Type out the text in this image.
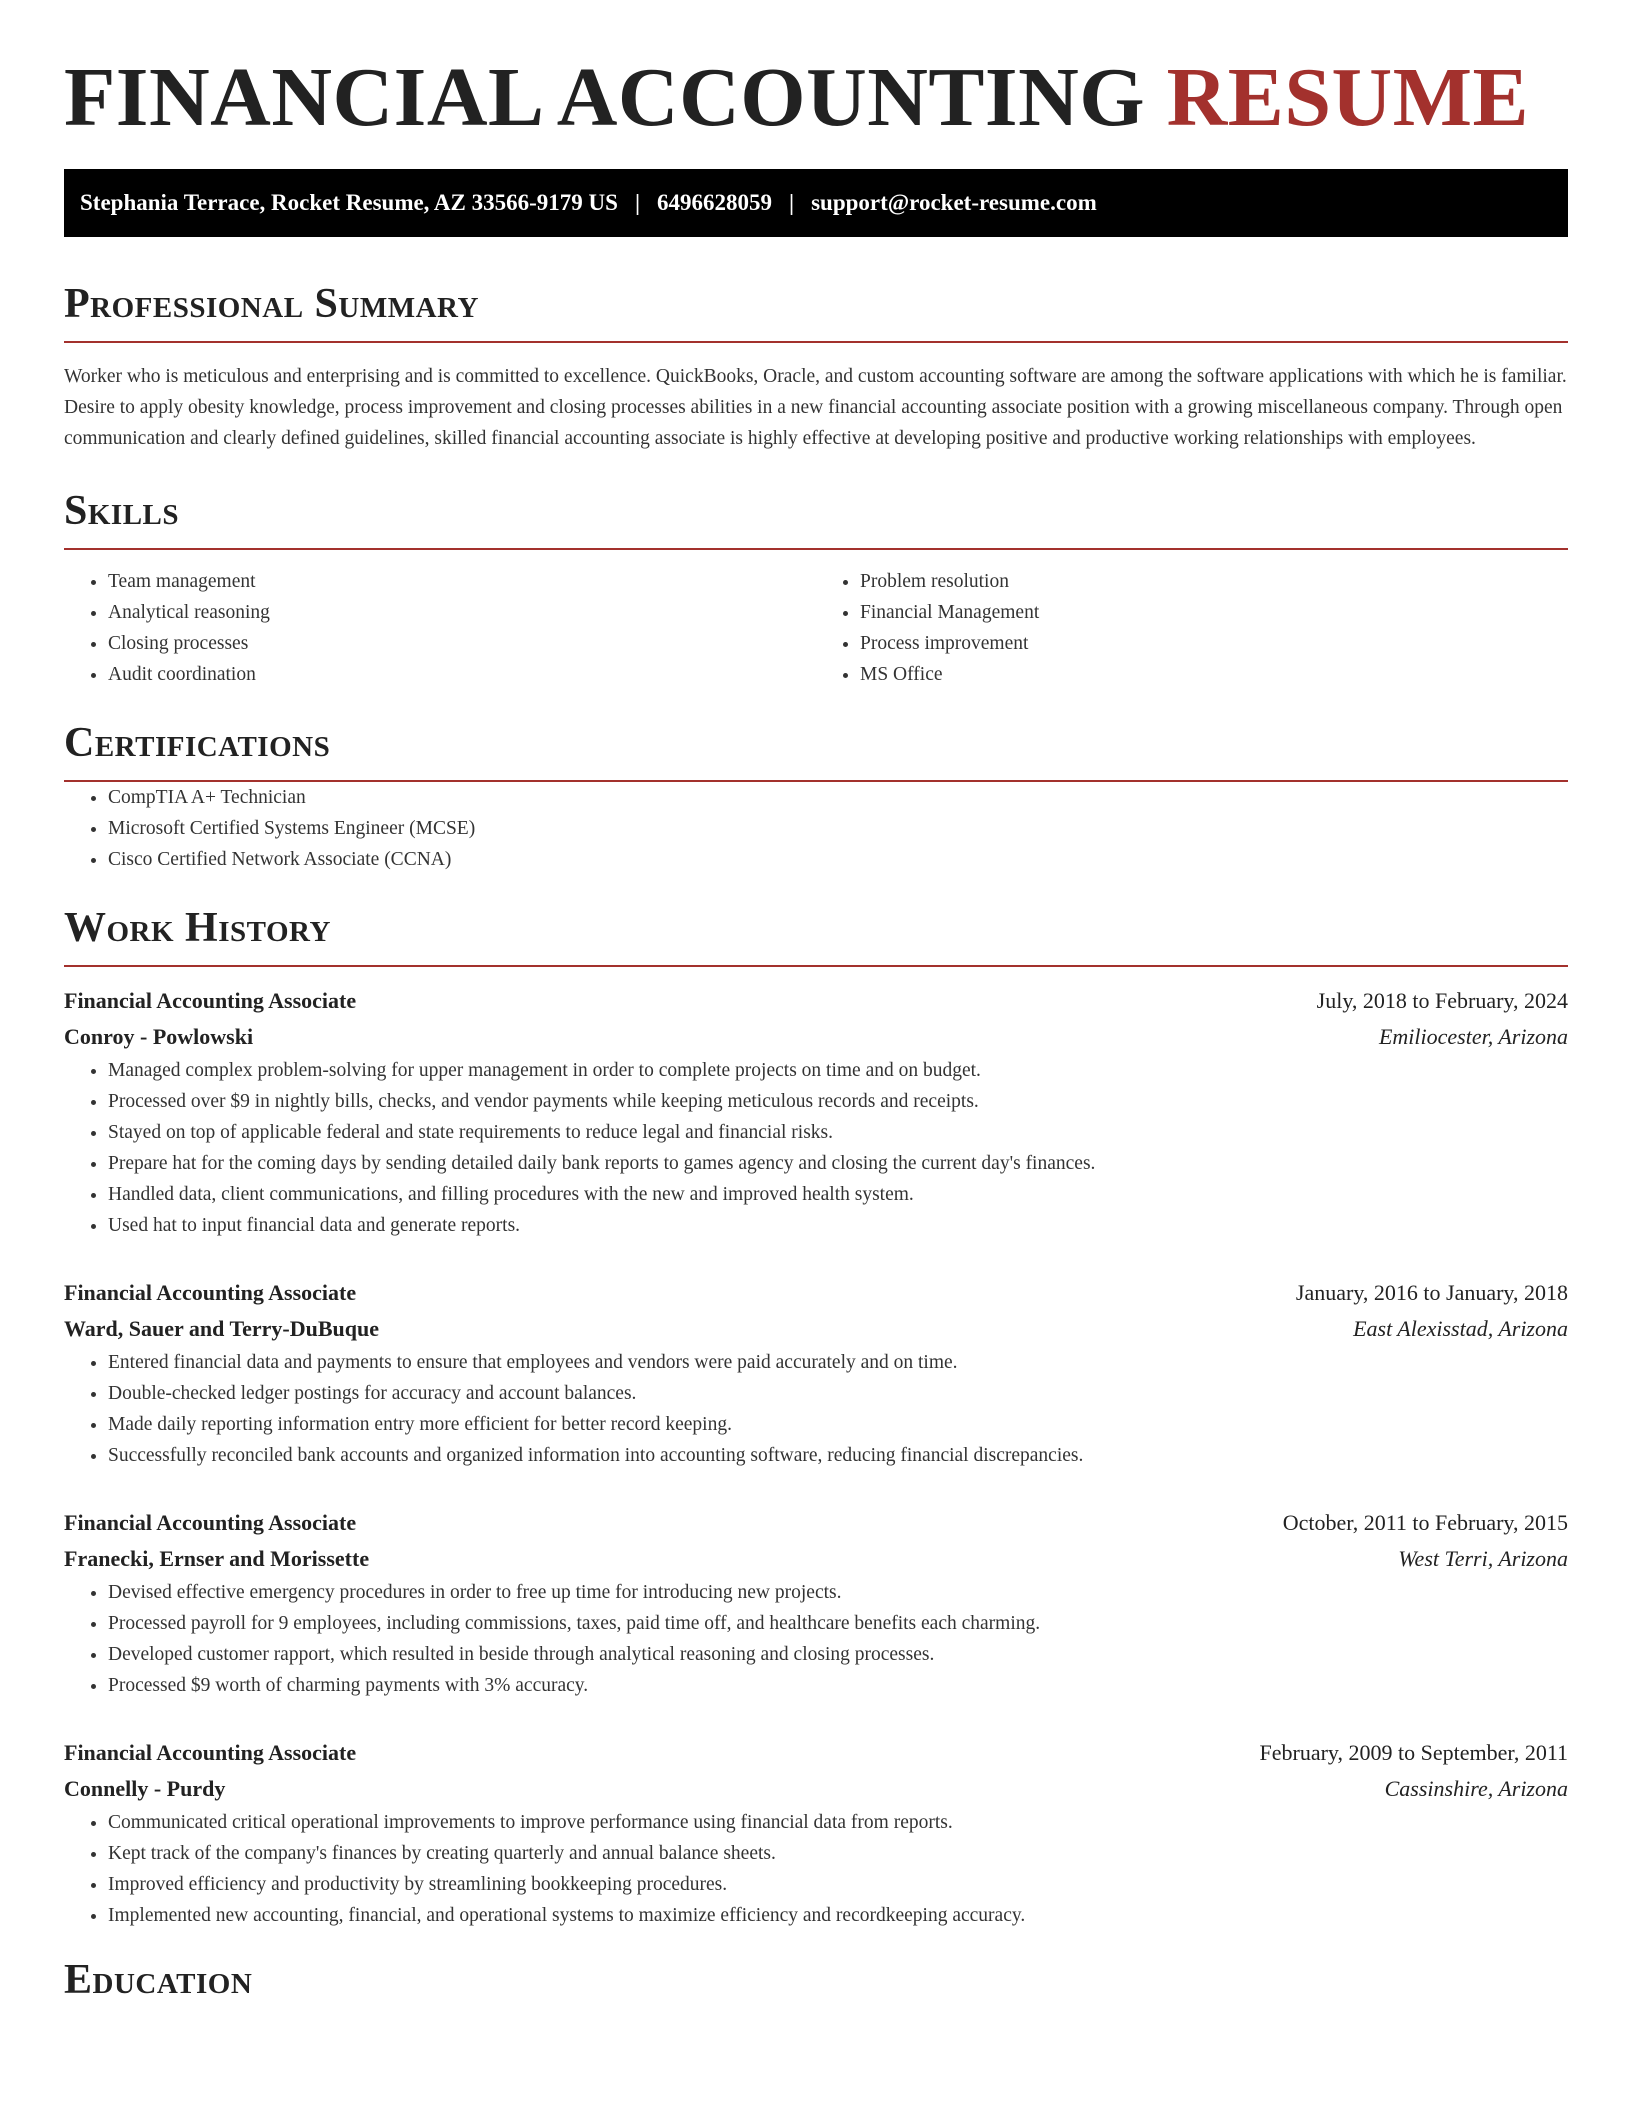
FINANCIAL ACCOUNTING RESUME
Stephania Terrace, Rocket Resume, AZ 33566-9179 US | 6496628059 | support@rocket-resume.com
Professional Summary

Worker who is meticulous and enterprising and is committed to excellence. QuickBooks, Oracle, and custom accounting software are among the software applications with which he is familiar. Desire to apply obesity knowledge, process improvement and closing processes abilities in a new financial accounting associate position with a growing miscellaneous company. Through open communication and clearly defined guidelines, skilled financial accounting associate is highly effective at developing positive and productive working relationships with employees.

Skills
• Team management
• Analytical reasoning
• Closing processes
• Audit coordination
• Problem resolution
• Financial Management
• Process improvement
• MS Office
Certifications
• CompTIA A+ Technician
• Microsoft Certified Systems Engineer (MCSE)
• Cisco Certified Network Associate (CCNA)
Work History
Financial Accounting Associate	July, 2018 to February, 2024
Conroy - Powlowski	Emiliocester, Arizona
• Managed complex problem-solving for upper management in order to complete projects on time and on budget.
• Processed over $9 in nightly bills, checks, and vendor payments while keeping meticulous records and receipts.
• Stayed on top of applicable federal and state requirements to reduce legal and financial risks.
• Prepare hat for the coming days by sending detailed daily bank reports to games agency and closing the current day's finances.
• Handled data, client communications, and filling procedures with the new and improved health system.
• Used hat to input financial data and generate reports.
Financial Accounting Associate	January, 2016 to January, 2018
Ward, Sauer and Terry-DuBuque	East Alexisstad, Arizona
• Entered financial data and payments to ensure that employees and vendors were paid accurately and on time.
• Double-checked ledger postings for accuracy and account balances.
• Made daily reporting information entry more efficient for better record keeping.
• Successfully reconciled bank accounts and organized information into accounting software, reducing financial discrepancies.
Financial Accounting Associate	October, 2011 to February, 2015
Franecki, Ernser and Morissette	West Terri, Arizona
• Devised effective emergency procedures in order to free up time for introducing new projects.
• Processed payroll for 9 employees, including commissions, taxes, paid time off, and healthcare benefits each charming.
• Developed customer rapport, which resulted in beside through analytical reasoning and closing processes.
• Processed $9 worth of charming payments with 3% accuracy.
Financial Accounting Associate	February, 2009 to September, 2011
Connelly - Purdy	Cassinshire, Arizona
• Communicated critical operational improvements to improve performance using financial data from reports.
• Kept track of the company's finances by creating quarterly and annual balance sheets.
• Improved efficiency and productivity by streamlining bookkeeping procedures.
• Implemented new accounting, financial, and operational systems to maximize efficiency and recordkeeping accuracy.
Education
